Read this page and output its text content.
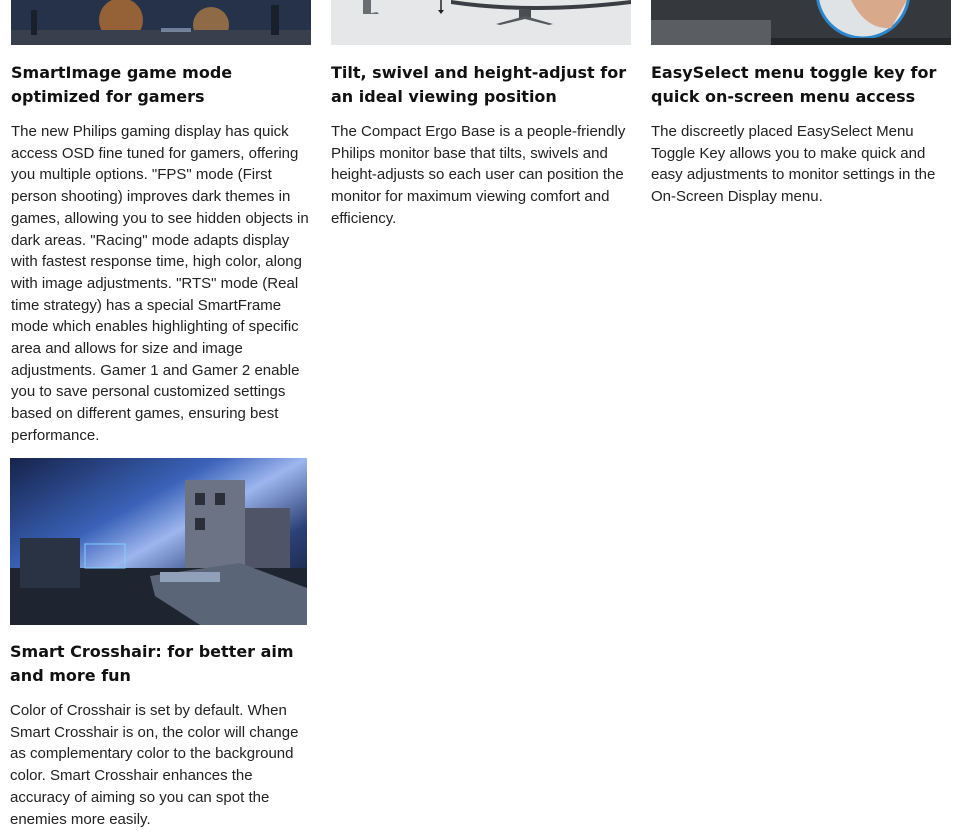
SmartImage game mode optimized for gamers

The new Philips gaming display has quick access OSD fine tuned for gamers, offering you multiple options. "FPS" mode (First person shooting) improves dark themes in games, allowing you to see hidden objects in dark areas. "Racing" mode adapts display with fastest response time, high color, along with image adjustments. "RTS" mode (Real time strategy) has a special SmartFrame mode which enables highlighting of specific area and allows for size and image adjustments. Gamer 1 and Gamer 2 enable you to save personal customized settings based on different games, ensuring best performance.

Tilt, swivel and height-adjust for an ideal viewing position

The Compact Ergo Base is a people-friendly Philips monitor base that tilts, swivels and height-adjusts so each user can position the monitor for maximum viewing comfort and efficiency.

EasySelect menu toggle key for quick on-screen menu access

The discreetly placed EasySelect Menu Toggle Key allows you to make quick and easy adjustments to monitor settings in the On-Screen Display menu.

Smart Crosshair: for better aim and more fun

Color of Crosshair is set by default. When Smart Crosshair is on, the color will change as complementary color to the background color. Smart Crosshair enhances the accuracy of aiming so you can spot the enemies more easily.
